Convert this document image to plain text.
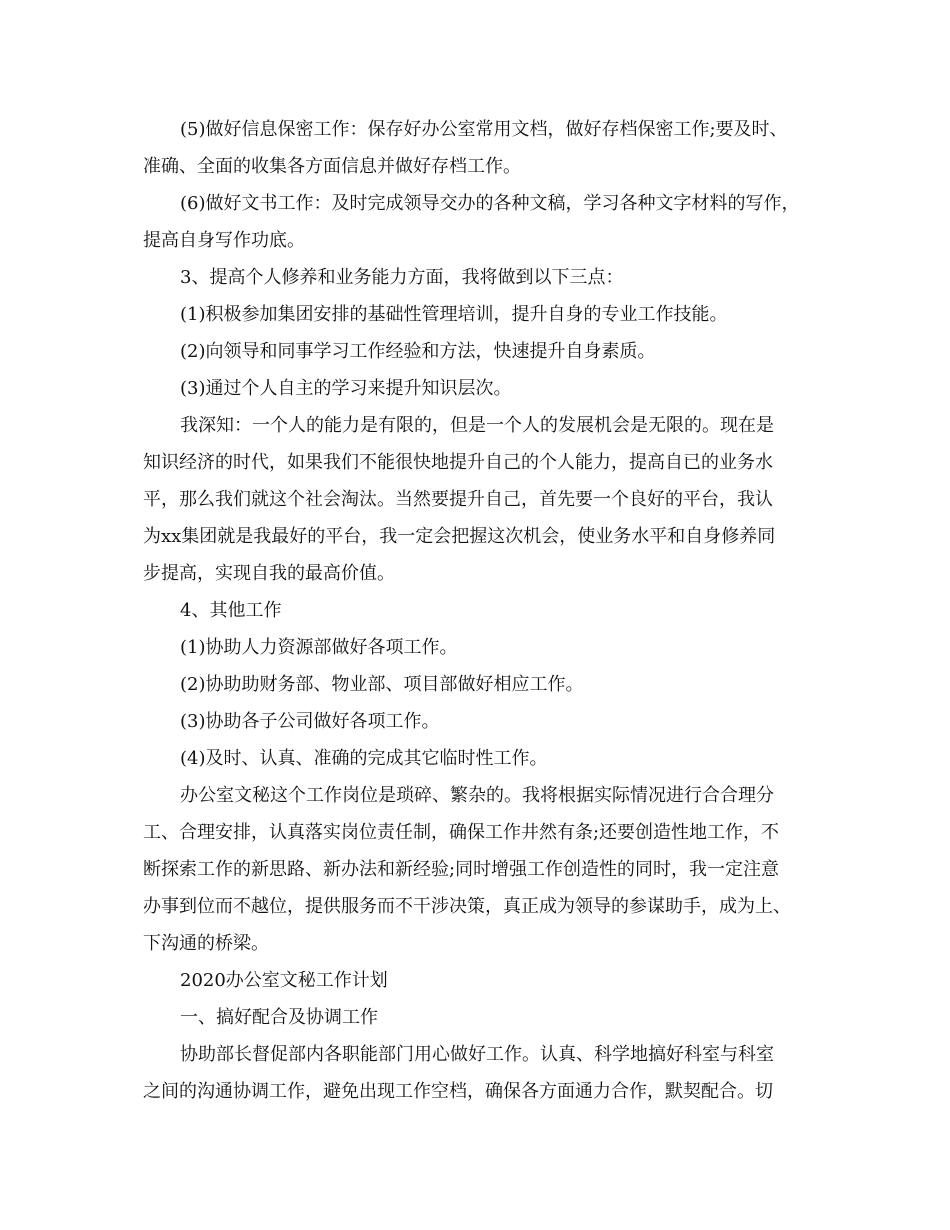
(5)做好信息保密工作：保存好办公室常用文档，做好存档保密工作;要及时、
准确、全面的收集各方面信息并做好存档工作。
(6)做好文书工作：及时完成领导交办的各种文稿，学习各种文字材料的写作，
提高自身写作功底。
3、提高个人修养和业务能力方面，我将做到以下三点：
(1)积极参加集团安排的基础性管理培训，提升自身的专业工作技能。
(2)向领导和同事学习工作经验和方法，快速提升自身素质。
(3)通过个人自主的学习来提升知识层次。
我深知：一个人的能力是有限的，但是一个人的发展机会是无限的。现在是
知识经济的时代，如果我们不能很快地提升自己的个人能力，提高自已的业务水
平，那么我们就这个社会淘汰。当然要提升自己，首先要一个良好的平台，我认
为xx集团就是我最好的平台，我一定会把握这次机会，使业务水平和自身修养同
步提高，实现自我的最高价值。
4、其他工作
(1)协助人力资源部做好各项工作。
(2)协助助财务部、物业部、项目部做好相应工作。
(3)协助各子公司做好各项工作。
(4)及时、认真、准确的完成其它临时性工作。
办公室文秘这个工作岗位是琐碎、繁杂的。我将根据实际情况进行合合理分
工、合理安排，认真落实岗位责任制，确保工作井然有条;还要创造性地工作，不
断探索工作的新思路、新办法和新经验;同时增强工作创造性的同时，我一定注意
办事到位而不越位，提供服务而不干涉决策，真正成为领导的参谋助手，成为上、
下沟通的桥梁。
2020办公室文秘工作计划
一、搞好配合及协调工作
协助部长督促部内各职能部门用心做好工作。认真、科学地搞好科室与科室
之间的沟通协调工作，避免出现工作空档，确保各方面通力合作，默契配合。切
